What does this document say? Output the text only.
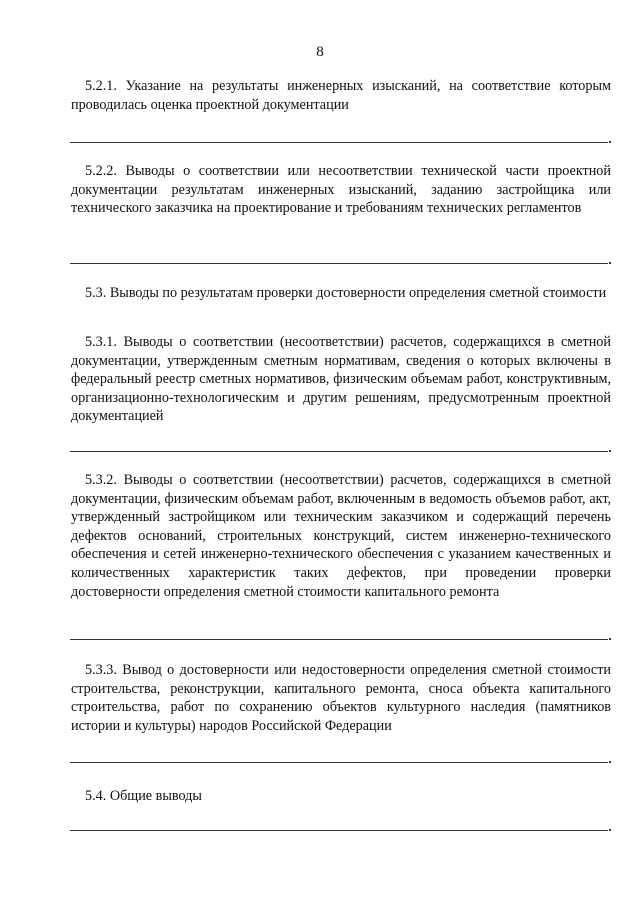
8

5.2.1. Указание на результаты инженерных изысканий, на соответствие которым проводилась оценка проектной документации

5.2.2. Выводы о соответствии или несоответствии технической части проектной документации результатам инженерных изысканий, заданию застройщика или технического заказчика на проектирование и требованиям технических регламентов

5.3. Выводы по результатам проверки достоверности определения сметной стоимости

5.3.1. Выводы о соответствии (несоответствии) расчетов, содержащихся в сметной документации, утвержденным сметным нормативам, сведения о которых включены в федеральный реестр сметных нормативов, физическим объемам работ, конструктивным, организационно-технологическим и другим решениям, предусмотренным проектной документацией

5.3.2. Выводы о соответствии (несоответствии) расчетов, содержащихся в сметной документации, физическим объемам работ, включенным в ведомость объемов работ, акт, утвержденный застройщиком или техническим заказчиком и содержащий перечень дефектов оснований, строительных конструкций, систем инженерно-технического обеспечения и сетей инженерно-технического обеспечения с указанием качественных и количественных характеристик таких дефектов, при проведении проверки достоверности определения сметной стоимости капитального ремонта

5.3.3. Вывод о достоверности или недостоверности определения сметной стоимости строительства, реконструкции, капитального ремонта, сноса объекта капитального строительства, работ по сохранению объектов культурного наследия (памятников истории и культуры) народов Российской Федерации

5.4. Общие выводы
